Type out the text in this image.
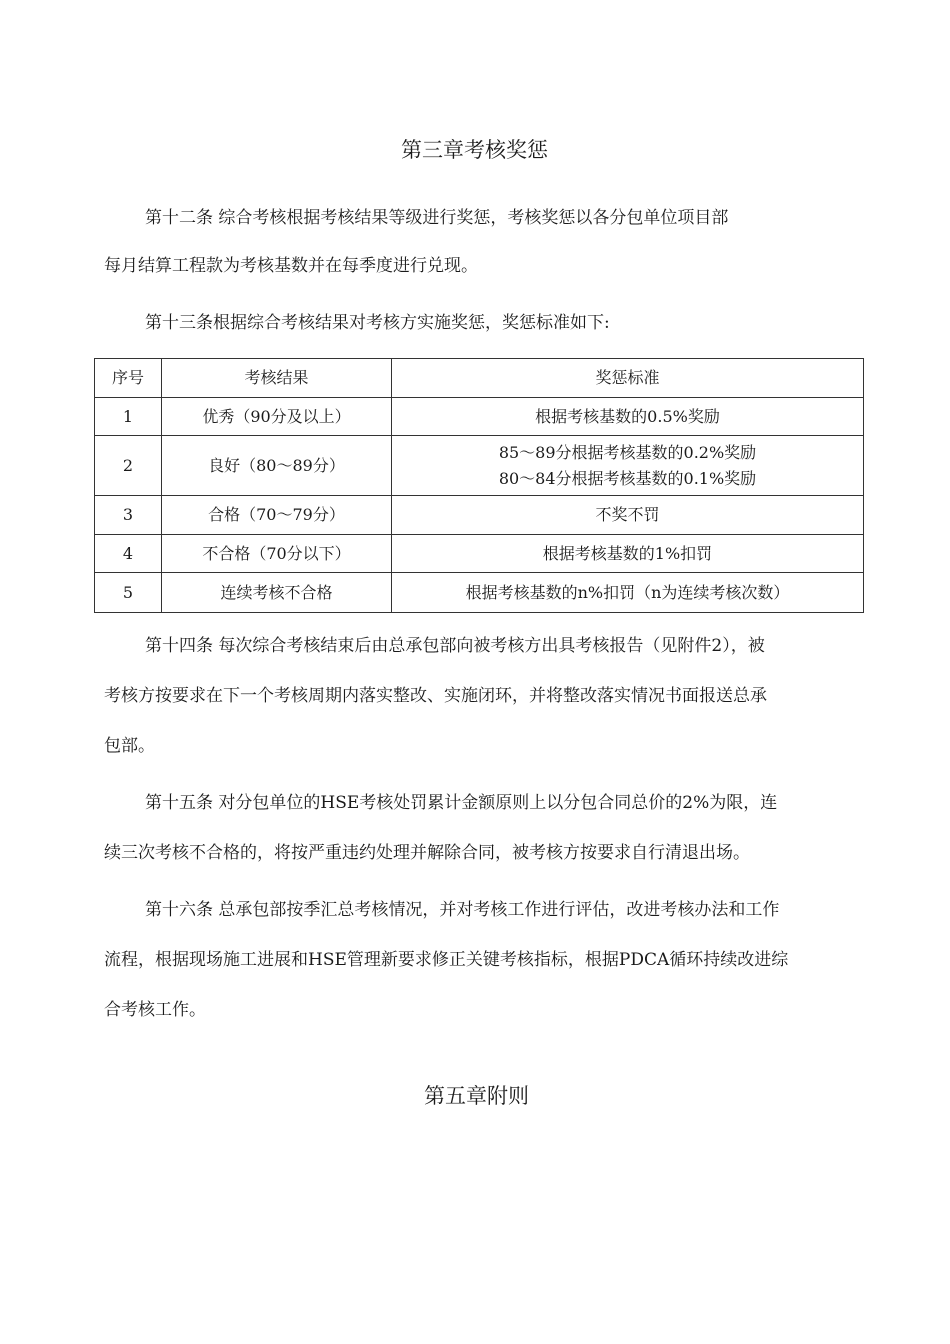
第三章考核奖惩
第十二条 综合考核根据考核结果等级进行奖惩，考核奖惩以各分包单位项目部
每月结算工程款为考核基数并在每季度进行兑现。
第十三条根据综合考核结果对考核方实施奖惩，奖惩标准如下:
序号	考核结果	奖惩标准
1	优秀（90分及以上）	根据考核基数的0.5%奖励
2	良好（80〜89分）	85〜89分根据考核基数的0.2%奖励
80〜84分根据考核基数的0.1%奖励

3	合格（70〜79分）	不奖不罚
4	不合格（70分以下）	根据考核基数的1%扣罚
5	连续考核不合格	根据考核基数的n%扣罚（n为连续考核次数）
第十四条 每次综合考核结束后由总承包部向被考核方出具考核报告（见附件2），被
考核方按要求在下一个考核周期内落实整改、实施闭环，并将整改落实情况书面报送总承
包部。
第十五条 对分包单位的HSE考核处罚累计金额原则上以分包合同总价的2%为限，连
续三次考核不合格的，将按严重违约处理并解除合同，被考核方按要求自行清退出场。
第十六条 总承包部按季汇总考核情况，并对考核工作进行评估，改进考核办法和工作
流程，根据现场施工进展和HSE管理新要求修正关键考核指标，根据PDCA循环持续改进综
合考核工作。
第五章附则
